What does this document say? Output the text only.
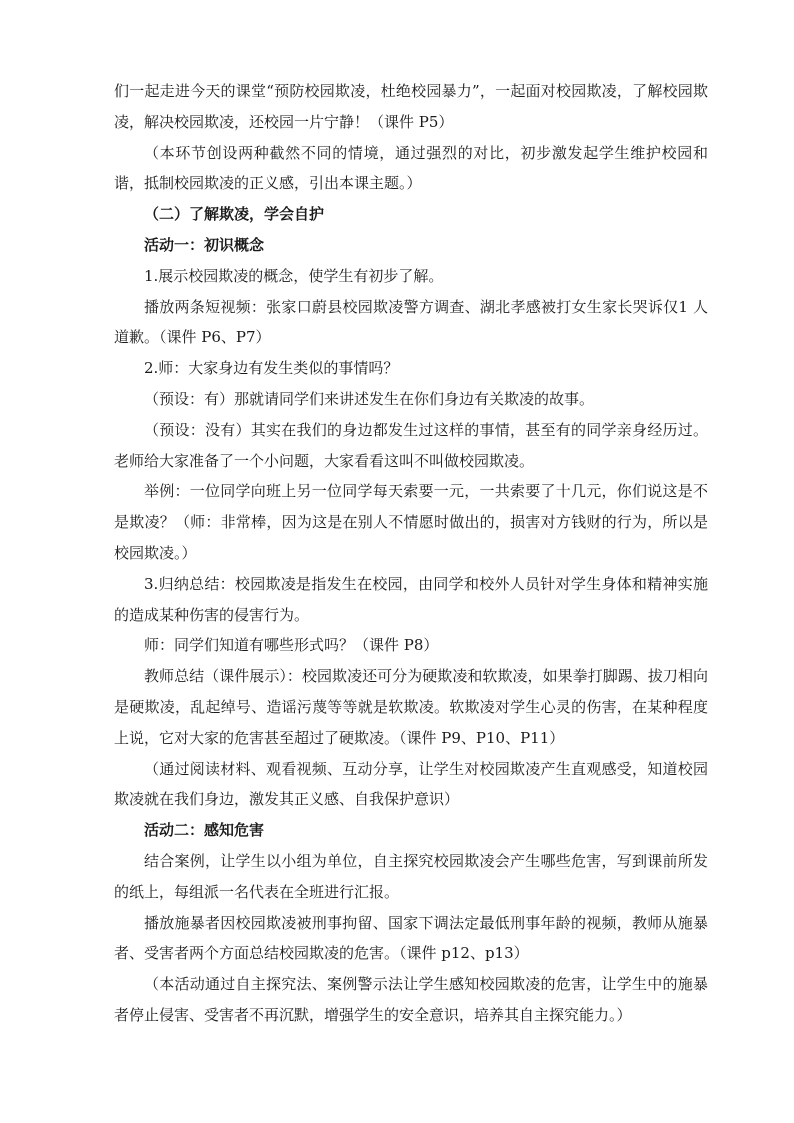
们一起走进今天的课堂“预防校园欺凌，杜绝校园暴力”，一起面对校园欺凌，了解校园欺凌，解决校园欺凌，还校园一片宁静！（课件 P5）

（本环节创设两种截然不同的情境，通过强烈的对比，初步激发起学生维护校园和谐，抵制校园欺凌的正义感，引出本课主题。）

（二）了解欺凌，学会自护

活动一：初识概念

1.展示校园欺凌的概念，使学生有初步了解。

播放两条短视频：张家口蔚县校园欺凌警方调查、湖北孝感被打女生家长哭诉仅1 人道歉。（课件 P6、P7）

2.师：大家身边有发生类似的事情吗？

（预设：有）那就请同学们来讲述发生在你们身边有关欺凌的故事。

（预设：没有）其实在我们的身边都发生过这样的事情，甚至有的同学亲身经历过。老师给大家准备了一个小问题，大家看看这叫不叫做校园欺凌。

举例：一位同学向班上另一位同学每天索要一元，一共索要了十几元，你们说这是不是欺凌？（师：非常棒，因为这是在别人不情愿时做出的，损害对方钱财的行为，所以是校园欺凌。）

3.归纳总结：校园欺凌是指发生在校园，由同学和校外人员针对学生身体和精神实施的造成某种伤害的侵害行为。

师：同学们知道有哪些形式吗？（课件 P8）

教师总结（课件展示）：校园欺凌还可分为硬欺凌和软欺凌，如果拳打脚踢、拔刀相向是硬欺凌，乱起绰号、造谣污蔑等等就是软欺凌。软欺凌对学生心灵的伤害，在某种程度上说，它对大家的危害甚至超过了硬欺凌。（课件 P9、P10、P11）

（通过阅读材料、观看视频、互动分享，让学生对校园欺凌产生直观感受，知道校园欺凌就在我们身边，激发其正义感、自我保护意识）

活动二：感知危害

结合案例，让学生以小组为单位，自主探究校园欺凌会产生哪些危害，写到课前所发的纸上，每组派一名代表在全班进行汇报。

播放施暴者因校园欺凌被刑事拘留、国家下调法定最低刑事年龄的视频，教师从施暴者、受害者两个方面总结校园欺凌的危害。（课件 p12、p13）

（本活动通过自主探究法、案例警示法让学生感知校园欺凌的危害，让学生中的施暴者停止侵害、受害者不再沉默，增强学生的安全意识，培养其自主探究能力。）
